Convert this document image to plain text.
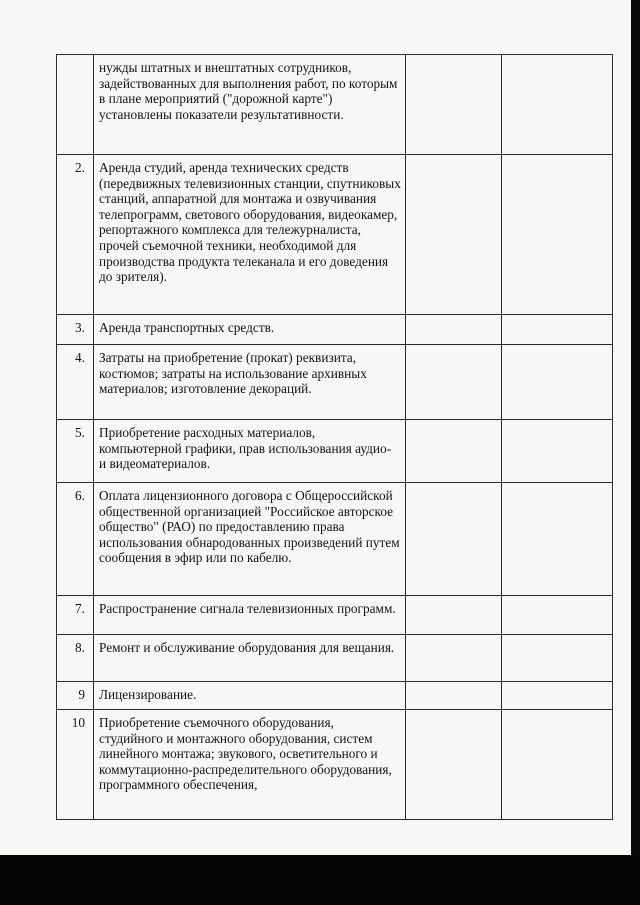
	нужды штатных и внештатных сотрудников, задействованных для выполнения работ, по которым в плане мероприятий ("дорожной карте") установлены показатели результативности.		
2.	Аренда студий, аренда технических средств (передвижных телевизионных станции, спутниковых станций, аппаратной для монтажа и озвучивания телепрограмм, светового оборудования, видеокамер, репортажного комплекса для тележурналиста, прочей съемочной техники, необходимой для производства продукта телеканала и его доведения до зрителя).		
3.	Аренда транспортных средств.		
4.	Затраты на приобретение (прокат) реквизита, костюмов; затраты на использование архивных материалов; изготовление декораций.		
5.	Приобретение расходных материалов, компьютерной графики, прав использования аудио- и видеоматериалов.		
6.	Оплата лицензионного договора с Общероссийской общественной организацией "Российское авторское общество" (РАО) по предоставлению права использования обнародованных произведений путем сообщения в эфир или по кабелю.		
7.	Распространение сигнала телевизионных программ.		
8.	Ремонт и обслуживание оборудования для вещания.		
9	Лицензирование.		
10	Приобретение съемочного оборудования, студийного и монтажного оборудования, систем линейного монтажа; звукового, осветительного и коммутационно-распределительного оборудования, программного обеспечения,		
